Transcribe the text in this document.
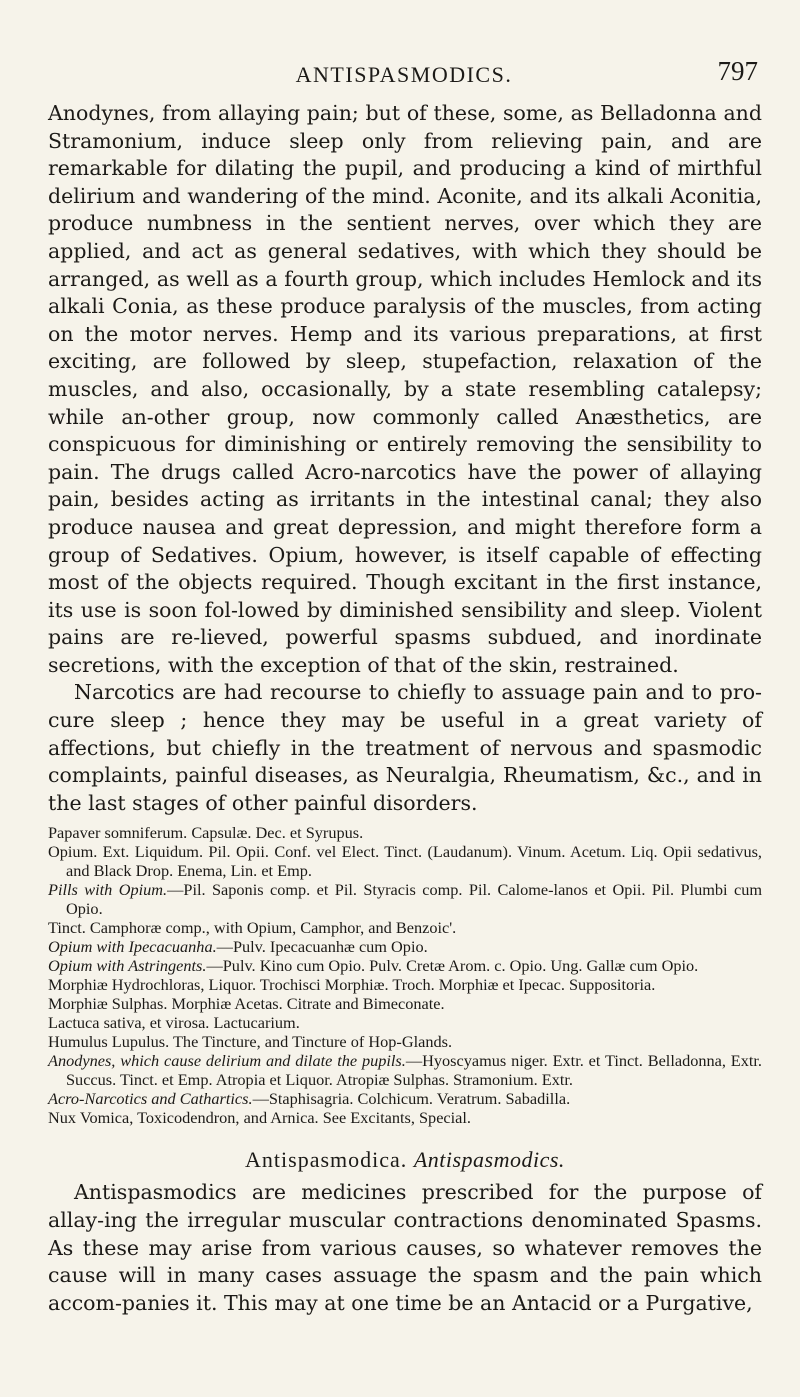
ANTISPASMODICS.	797

Anodynes, from allaying pain; but of these, some, as Belladonna and Stramonium, induce sleep only from relieving pain, and are remarkable for dilating the pupil, and producing a kind of mirthful delirium and wandering of the mind. Aconite, and its alkali Aconitia, produce numbness in the sentient nerves, over which they are applied, and act as general sedatives, with which they should be arranged, as well as a fourth group, which includes Hemlock and its alkali Conia, as these produce paralysis of the muscles, from acting on the motor nerves. Hemp and its various preparations, at first exciting, are followed by sleep, stupefaction, relaxation of the muscles, and also, occasionally, by a state resembling catalepsy; while an-other group, now commonly called Anæsthetics, are conspicuous for diminishing or entirely removing the sensibility to pain. The drugs called Acro-narcotics have the power of allaying pain, besides acting as irritants in the intestinal canal; they also produce nausea and great depression, and might therefore form a group of Sedatives. Opium, however, is itself capable of effecting most of the objects required. Though excitant in the first instance, its use is soon fol-lowed by diminished sensibility and sleep. Violent pains are re-lieved, powerful spasms subdued, and inordinate secretions, with the exception of that of the skin, restrained.

Narcotics are had recourse to chiefly to assuage pain and to pro-cure sleep ; hence they may be useful in a great variety of affections, but chiefly in the treatment of nervous and spasmodic complaints, painful diseases, as Neuralgia, Rheumatism, &c., and in the last stages of other painful disorders.

Papaver somniferum. Capsulæ. Dec. et Syrupus.

Opium. Ext. Liquidum. Pil. Opii. Conf. vel Elect. Tinct. (Laudanum). Vinum. Acetum. Liq. Opii sedativus, and Black Drop. Enema, Lin. et Emp.

Pills with Opium.—Pil. Saponis comp. et Pil. Styracis comp. Pil. Calome-lanos et Opii. Pil. Plumbi cum Opio.

Tinct. Camphoræ comp., with Opium, Camphor, and Benzoic'.

Opium with Ipecacuanha.—Pulv. Ipecacuanhæ cum Opio.

Opium with Astringents.—Pulv. Kino cum Opio. Pulv. Cretæ Arom. c. Opio. Ung. Gallæ cum Opio.

Morphiæ Hydrochloras, Liquor. Trochisci Morphiæ. Troch. Morphiæ et Ipecac. Suppositoria.

Morphiæ Sulphas. Morphiæ Acetas. Citrate and Bimeconate.

Lactuca sativa, et virosa. Lactucarium.

Humulus Lupulus. The Tincture, and Tincture of Hop-Glands.

Anodynes, which cause delirium and dilate the pupils.—Hyoscyamus niger. Extr. et Tinct. Belladonna, Extr. Succus. Tinct. et Emp. Atropia et Liquor. Atropiæ Sulphas. Stramonium. Extr.

Acro-Narcotics and Cathartics.—Staphisagria. Colchicum. Veratrum. Sabadilla.

Nux Vomica, Toxicodendron, and Arnica. See Excitants, Special.

Antispasmodica. Antispasmodics.

Antispasmodics are medicines prescribed for the purpose of allay-ing the irregular muscular contractions denominated Spasms. As these may arise from various causes, so whatever removes the cause will in many cases assuage the spasm and the pain which accom-panies it. This may at one time be an Antacid or a Purgative,
